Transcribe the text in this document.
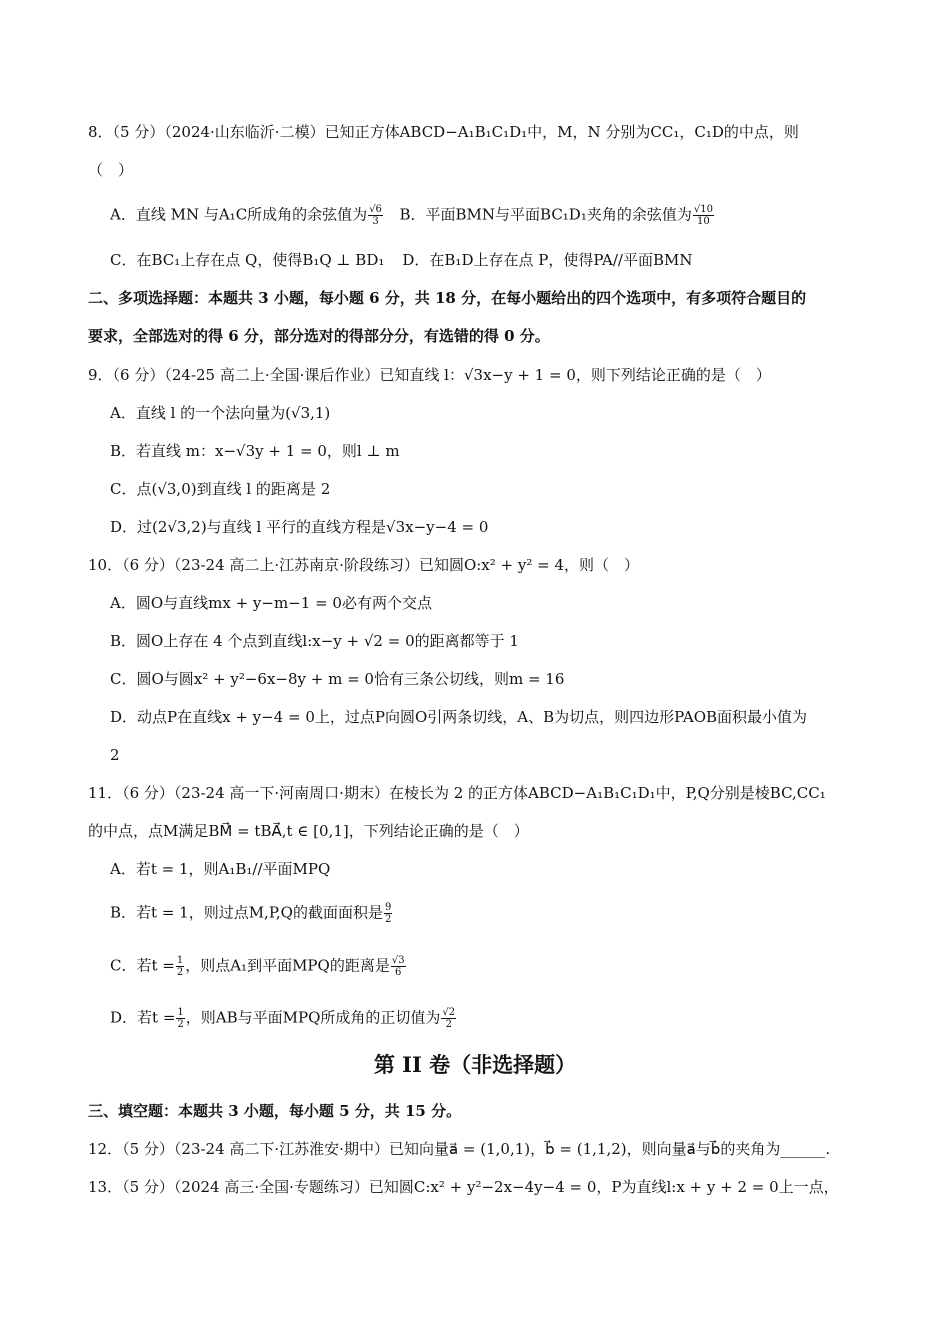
8．（5 分）（2024·山东临沂·二模）已知正方体ABCD−A₁B₁C₁D₁中，M，N 分别为CC₁，C₁D的中点，则
（　）
A．直线 MN 与A₁C所成角的余弦值为 $\frac{√6}{3}$ B．平面BMN与平面BC₁D₁夹角的余弦值为 $\frac{√10}{10}$
C．在BC₁上存在点 Q，使得B₁Q ⊥ BD₁ D．在B₁D上存在点 P，使得PA//平面BMN
二、多项选择题：本题共 3 小题，每小题 6 分，共 18 分，在每小题给出的四个选项中，有多项符合题目的
要求，全部选对的得 6 分，部分选对的得部分分，有选错的得 0 分。
9．（6 分）（24-25 高二上·全国·课后作业）已知直线 l：√3x−y + 1 = 0，则下列结论正确的是（　）
A．直线 l 的一个法向量为(√3,1)
B．若直线 m：x−√3y + 1 = 0，则l ⊥ m
C．点(√3,0)到直线 l 的距离是 2
D．过(2√3,2)与直线 l 平行的直线方程是√3x−y−4 = 0
10．（6 分）（23-24 高二上·江苏南京·阶段练习）已知圆O:x² + y² = 4，则（　）
A．圆O与直线mx + y−m−1 = 0必有两个交点
B．圆O上存在 4 个点到直线l:x−y + √2 = 0的距离都等于 1
C．圆O与圆x² + y²−6x−8y + m = 0恰有三条公切线，则m = 16
D．动点P在直线x + y−4 = 0上，过点P向圆O引两条切线，A、B为切点，则四边形PAOB面积最小值为
2
11．（6 分）（23-24 高一下·河南周口·期末）在棱长为 2 的正方体ABCD−A₁B₁C₁D₁中，P,Q分别是棱BC,CC₁
的中点，点M满足BM⃗ = tBA⃗,t ∈ [0,1]，下列结论正确的是（　）
A．若t = 1，则A₁B₁//平面MPQ
B．若t = 1，则过点M,P,Q的截面面积是 $\frac{9}{2}$
C．若$t = \frac{1}{2}$ ，则点A₁到平面MPQ的距离是 $\frac{√3}{6}$
D．若$t = \frac{1}{2}$ ，则AB与平面MPQ所成角的正切值为 $\frac{√2}{2}$
第 II 卷（非选择题）
三、填空题：本题共 3 小题，每小题 5 分，共 15 分。
12．（5 分）（23-24 高二下·江苏淮安·期中）已知向量a⃗ = (1,0,1)，b⃗ = (1,1,2)，则向量a⃗与b⃗的夹角为______.
13．（5 分）（2024 高三·全国·专题练习）已知圆C:x² + y²−2x−4y−4 = 0，P为直线l:x + y + 2 = 0上一点，
